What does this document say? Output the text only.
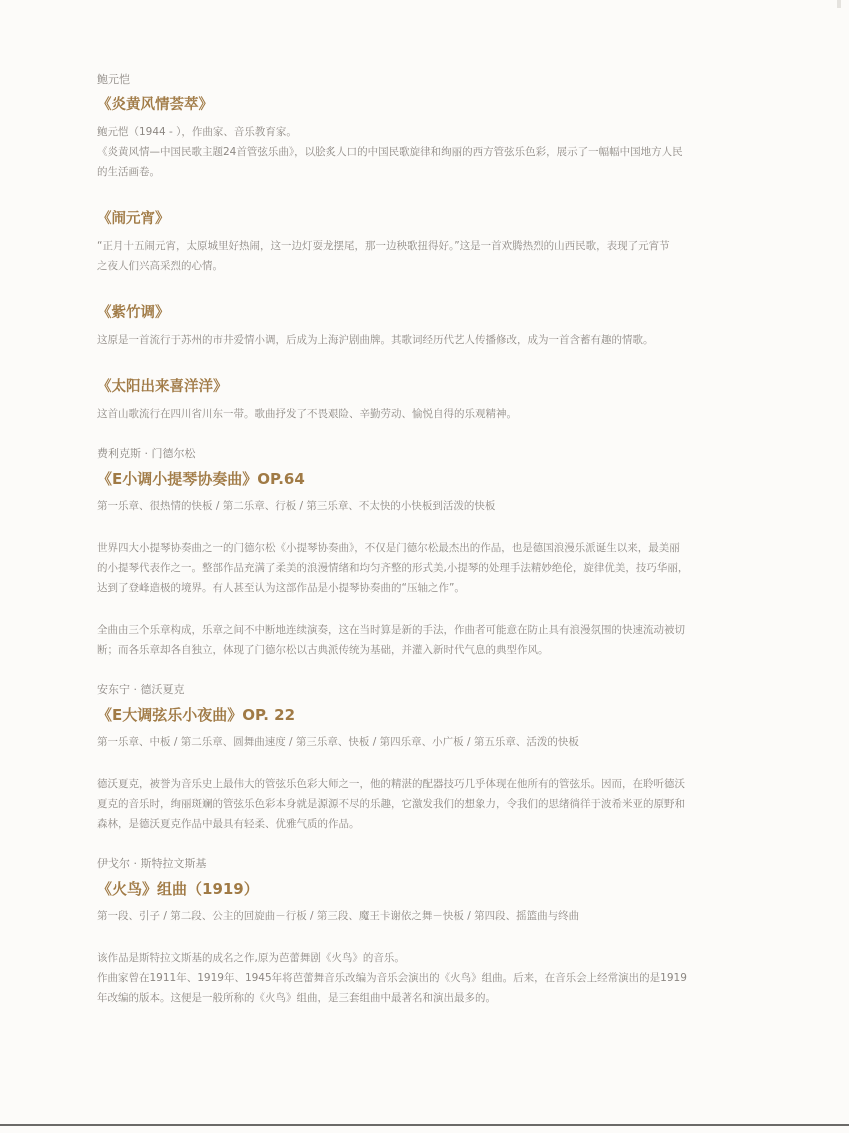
鲍元恺

《炎黄风情荟萃》

鲍元恺（1944 - ），作曲家、音乐教育家。

《炎黄风情—中国民歌主题24首管弦乐曲》，以脍炙人口的中国民歌旋律和绚丽的西方管弦乐色彩，展示了一幅幅中国地方人民

的生活画卷。

《闹元宵》

“正月十五闹元宵，太原城里好热闹，这一边灯耍龙摆尾，那一边秧歌扭得好。”这是一首欢腾热烈的山西民歌，表现了元宵节

之夜人们兴高采烈的心情。

《紫竹调》

这原是一首流行于苏州的市井爱情小调，后成为上海沪剧曲牌。其歌词经历代艺人传播修改，成为一首含蓄有趣的情歌。

《太阳出来喜洋洋》

这首山歌流行在四川省川东一带。歌曲抒发了不畏艰险、辛勤劳动、愉悦自得的乐观精神。

费利克斯 · 门德尔松

《E小调小提琴协奏曲》OP.64

第一乐章、很热情的快板 / 第二乐章、行板 / 第三乐章、不太快的小快板到活泼的快板

世界四大小提琴协奏曲之一的门德尔松《小提琴协奏曲》，不仅是门德尔松最杰出的作品，也是德国浪漫乐派诞生以来，最美丽

的小提琴代表作之一。整部作品充满了柔美的浪漫情绪和均匀齐整的形式美,小提琴的处理手法精妙绝伦，旋律优美，技巧华丽，

达到了登峰造极的境界。有人甚至认为这部作品是小提琴协奏曲的“压轴之作”。

全曲由三个乐章构成，乐章之间不中断地连续演奏，这在当时算是新的手法，作曲者可能意在防止具有浪漫氛围的快速流动被切

断；而各乐章却各自独立，体现了门德尔松以古典派传统为基础，并灌入新时代气息的典型作风。

安东宁 · 德沃夏克

《E大调弦乐小夜曲》OP. 22

第一乐章、中板 / 第二乐章、圆舞曲速度 / 第三乐章、快板 / 第四乐章、小广板 / 第五乐章、活泼的快板

德沃夏克，被誉为音乐史上最伟大的管弦乐色彩大师之一，他的精湛的配器技巧几乎体现在他所有的管弦乐。因而，在聆听德沃

夏克的音乐时，绚丽斑斓的管弦乐色彩本身就是源源不尽的乐趣，它激发我们的想象力，令我们的思绪徜徉于波希米亚的原野和

森林，是德沃夏克作品中最具有轻柔、优雅气质的作品。

伊戈尔 · 斯特拉文斯基

《火鸟》组曲（1919）

第一段、引子 / 第二段、公主的回旋曲－行板 / 第三段、魔王卡谢依之舞－快板 / 第四段、摇篮曲与终曲

该作品是斯特拉文斯基的成名之作,原为芭蕾舞剧《火鸟》的音乐。

作曲家曾在1911年、1919年、1945年将芭蕾舞音乐改编为音乐会演出的《火鸟》组曲。后来，在音乐会上经常演出的是1919

年改编的版本。这便是一般所称的《火鸟》组曲，是三套组曲中最著名和演出最多的。
